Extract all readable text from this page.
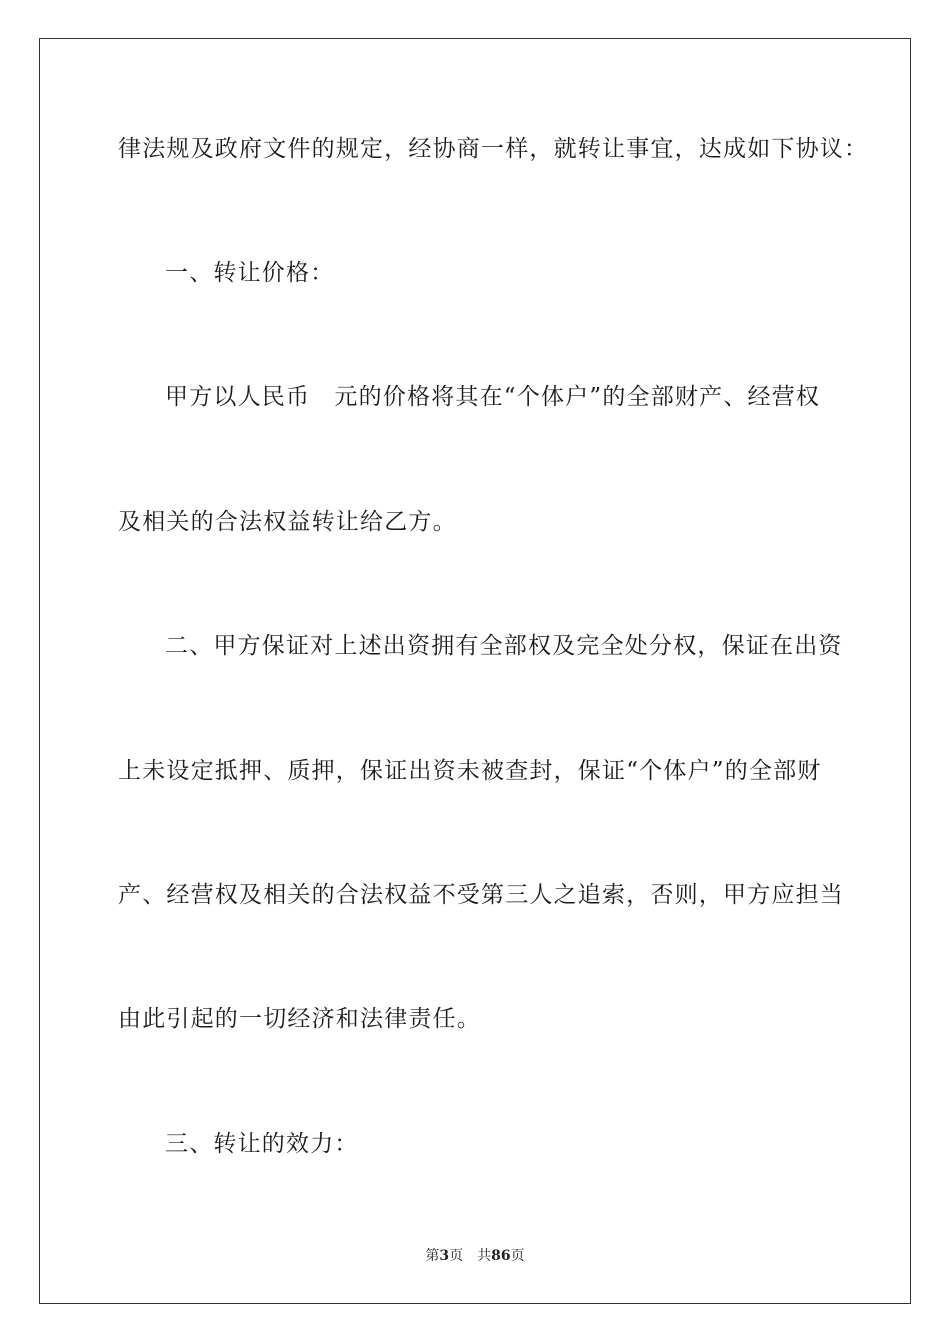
律法规及政府文件的规定，经协商一样，就转让事宜，达成如下协议：
一、转让价格：
甲方以人民币　元的价格将其在“个体户”的全部财产、经营权
及相关的合法权益转让给乙方。
二、甲方保证对上述出资拥有全部权及完全处分权，保证在出资
上未设定抵押、质押，保证出资未被查封，保证“个体户”的全部财
产、经营权及相关的合法权益不受第三人之追索，否则，甲方应担当
由此引起的一切经济和法律责任。
三、转让的效力：
第3页 共86页
